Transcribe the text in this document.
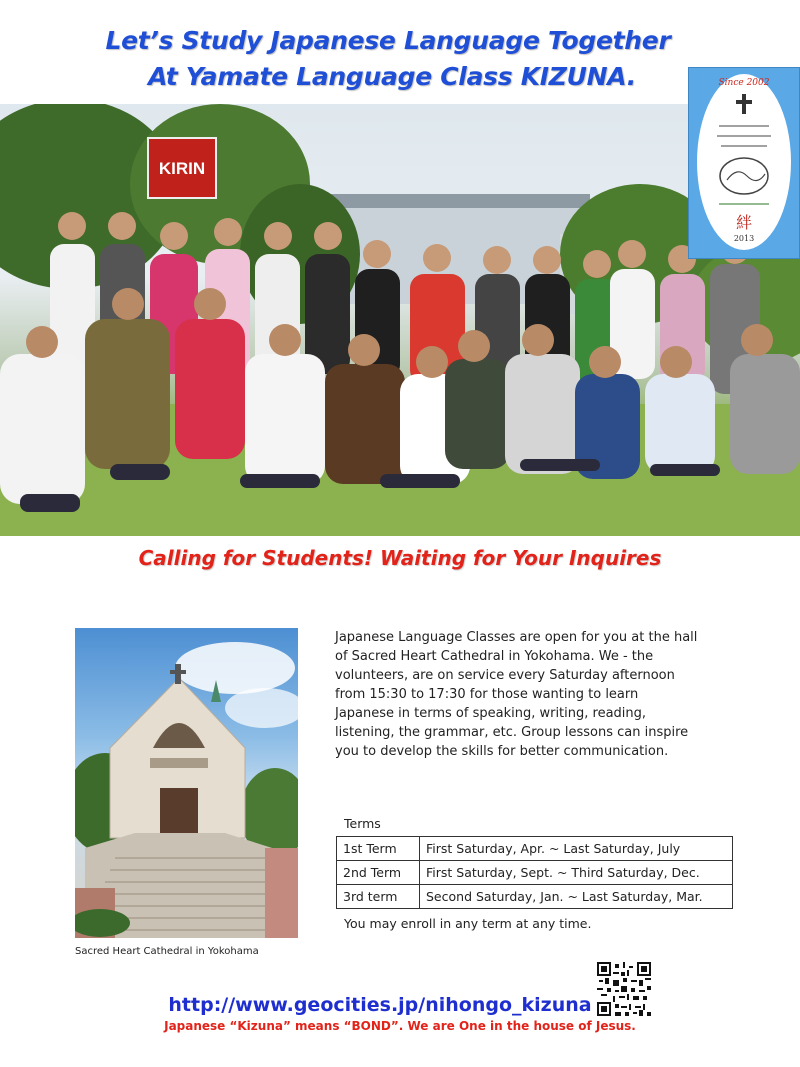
Let’s Study Japanese Language Together
At Yamate Language Class KIZUNA.
KIRIN
Since 2002
絆
2013
Calling for Students! Waiting for Your Inquires
Sacred Heart Cathedral in Yokohama
Japanese Language Classes are open for you at the hall
of Sacred Heart Cathedral in Yokohama. We - the
volunteers, are on service every Saturday afternoon
from 15:30 to 17:30 for those wanting to learn
Japanese in terms of speaking, writing, reading,
listening, the grammar, etc. Group lessons can inspire
you to develop the skills for better communication.
Terms
1st Term	First Saturday, Apr. ~ Last Saturday, July
2nd Term	First Saturday, Sept. ~ Third Saturday, Dec.
3rd term	Second Saturday, Jan. ~ Last Saturday, Mar.
You may enroll in any term at any time.
http://www.geocities.jp/nihongo_kizuna
Japanese “Kizuna” means “BOND”. We are One in the house of Jesus.
